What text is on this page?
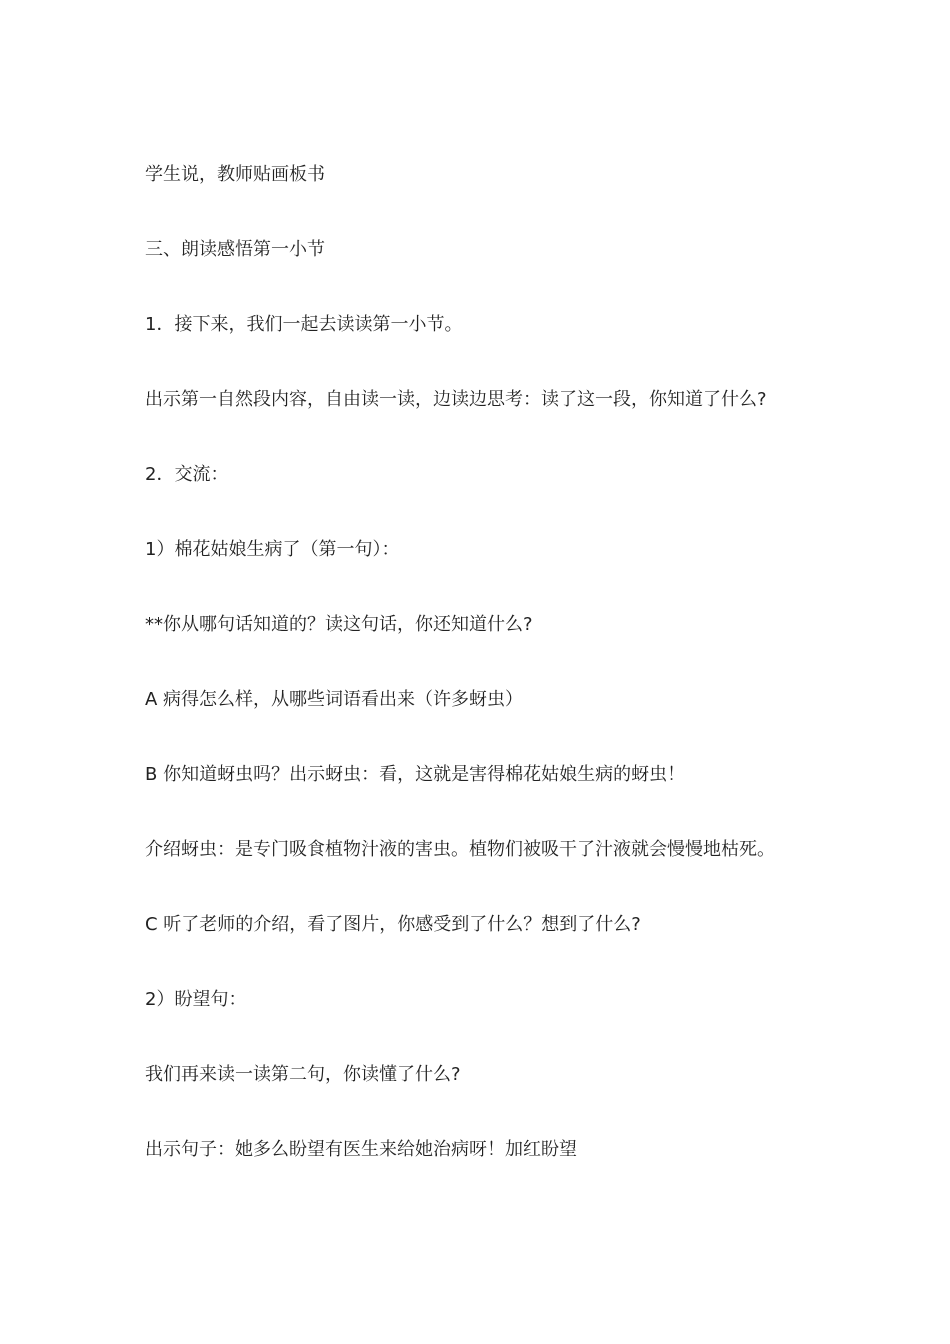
学生说，教师贴画板书
三、朗读感悟第一小节
1．接下来，我们一起去读读第一小节。
出示第一自然段内容，自由读一读，边读边思考：读了这一段，你知道了什么?
2．交流：
1）棉花姑娘生病了（第一句）：
**你从哪句话知道的？读这句话，你还知道什么?
A 病得怎么样，从哪些词语看出来（许多蚜虫）
B 你知道蚜虫吗？出示蚜虫：看，这就是害得棉花姑娘生病的蚜虫！
介绍蚜虫：是专门吸食植物汁液的害虫。植物们被吸干了汁液就会慢慢地枯死。
C 听了老师的介绍，看了图片，你感受到了什么？想到了什么?
2）盼望句：
我们再来读一读第二句，你读懂了什么?
出示句子：她多么盼望有医生来给她治病呀！加红盼望
